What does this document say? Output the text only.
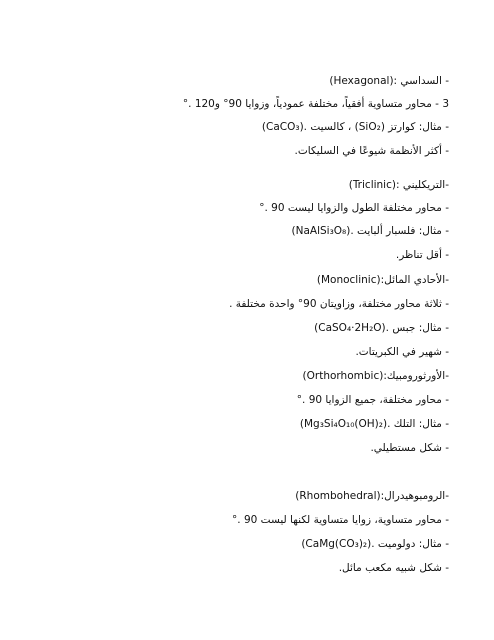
- السداسي :(Hexagonal)
3 - محاور متساوية أفقياً، مختلفة عمودياً، وزوايا 90° و120 .°
- مثال: كوارتز (SiO₂) ، كالسيت .(CaCO₃)
- أكثر الأنظمة شيوعًا في السليكات.
-التريكليني :(Triclinic)
- محاور مختلفة الطول والزوايا ليست 90 .°
- مثال: فلسبار ألبايت .(NaAlSi₃O₈)
- أقل تناظر.
-الأحادي المائل:(Monoclinic)
- ثلاثة محاور مختلفة، وزاويتان 90° واحدة مختلفة .
- مثال: جبس .(CaSO₄·2H₂O)
- شهير في الكبريتات.
-الأورثورومبيك:(Orthorhombic)
- محاور مختلفة، جميع الزوايا 90 .°
- مثال: التلك .(Mg₃Si₄O₁₀(OH)₂)
- شكل مستطيلي.
-الرومبوهيدرال:(Rhombohedral)
- محاور متساوية، زوايا متساوية لكنها ليست 90 .°
- مثال: دولوميت .(CaMg(CO₃)₂)
- شكل شبيه مكعب مائل.
